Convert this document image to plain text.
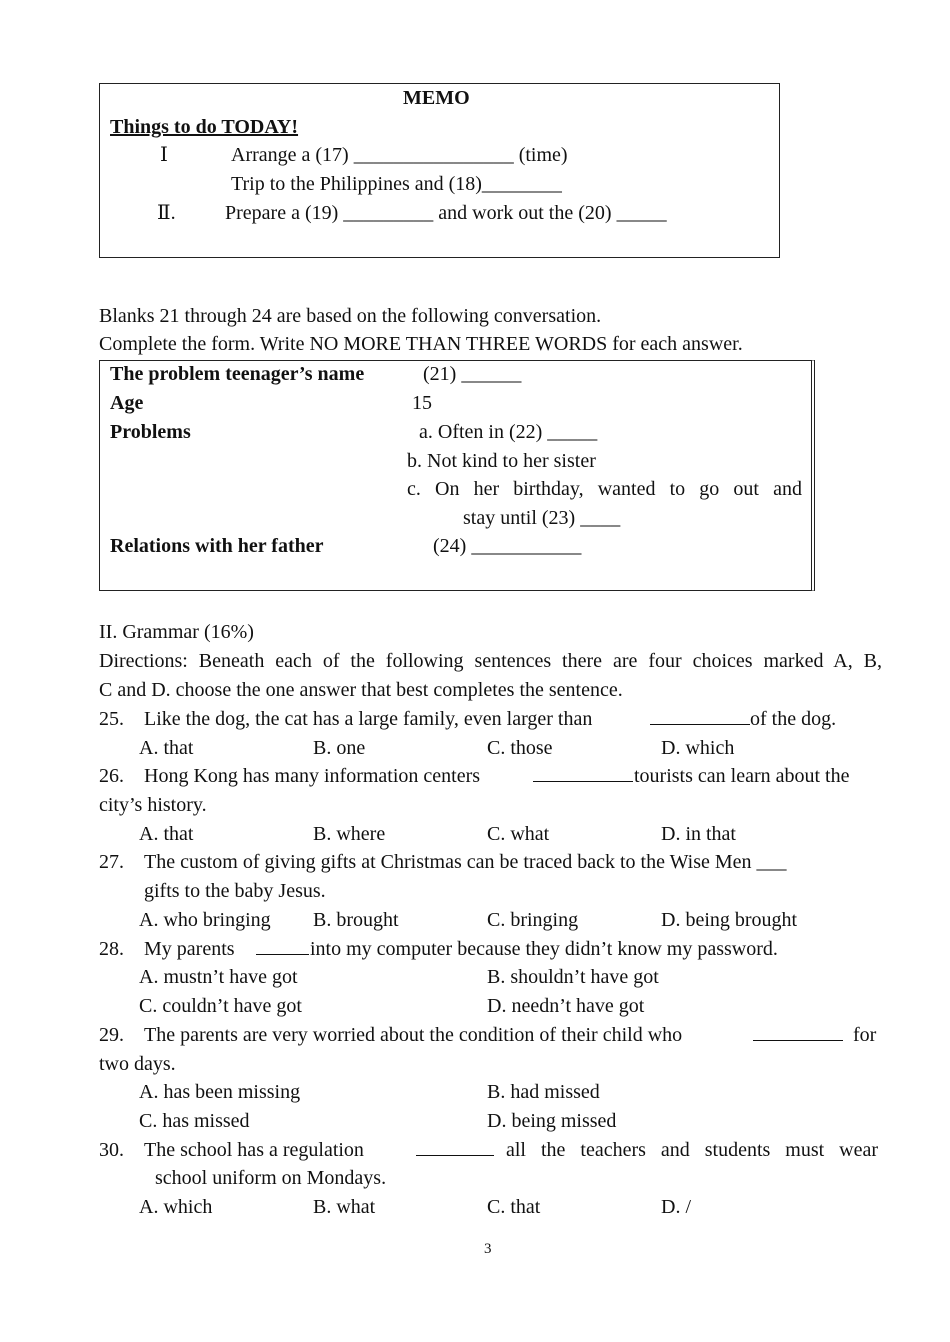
MEMO
Things to do TODAY!
Ⅰ	Arrange a (17) ________________ (time)
Trip to the Philippines and (18)________
Ⅱ. Prepare a (19) _________ and work out the (20) _____
Blanks 21 through 24 are based on the following conversation.
Complete the form. Write NO MORE THAN THREE WORDS for each answer.
The problem teenager’s name	(21) ______
Age	15
Problems	a. Often in (22) _____
b. Not kind to her sister
c. On her birthday, wanted to go out and
stay until (23) ____
Relations with her father	(24) ___________
II. Grammar (16%)
Directions: Beneath each of the following sentences there are four choices marked A, B,
C and D. choose the one answer that best completes the sentence.
25. Like the dog, the cat has a large family, even larger than	of the dog.
A. that	B. one	C. those	D. which
26. Hong Kong has many information centers	tourists can learn about the
city’s history.
A. that	B. where	C. what	D. in that
27. The custom of giving gifts at Christmas can be traced back to the Wise Men ___
gifts to the baby Jesus.
A. who bringing B. brought	C. bringing	D. being brought
28. My parents	into my computer because they didn’t know my password.
A. mustn’t have got	B. shouldn’t have got
C. couldn’t have got	D. needn’t have got
29. The parents are very worried about the condition of their child who	for
two days.
A. has been missing	B. had missed
C. has missed	D. being missed
30. The school has a regulation	all the teachers and students must wear
school uniform on Mondays.
A. which	B. what	C. that	D. /
3
